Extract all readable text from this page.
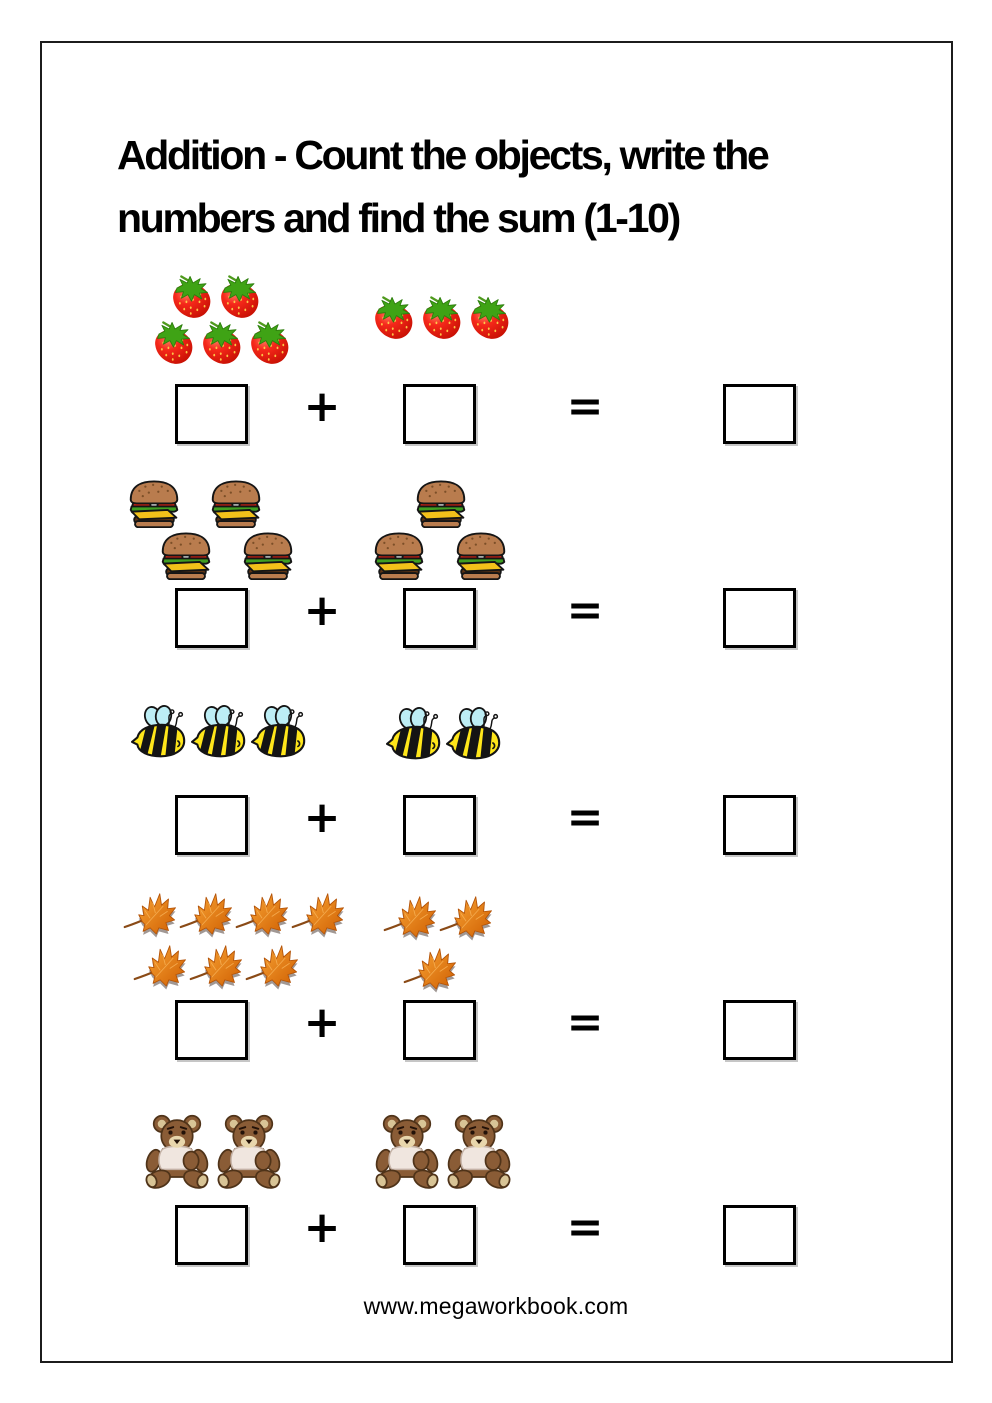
Addition - Count the objects, write the
numbers and find the sum (1-10)
+	=
+	=
+	=
+	=
+	=
www.megaworkbook.com
